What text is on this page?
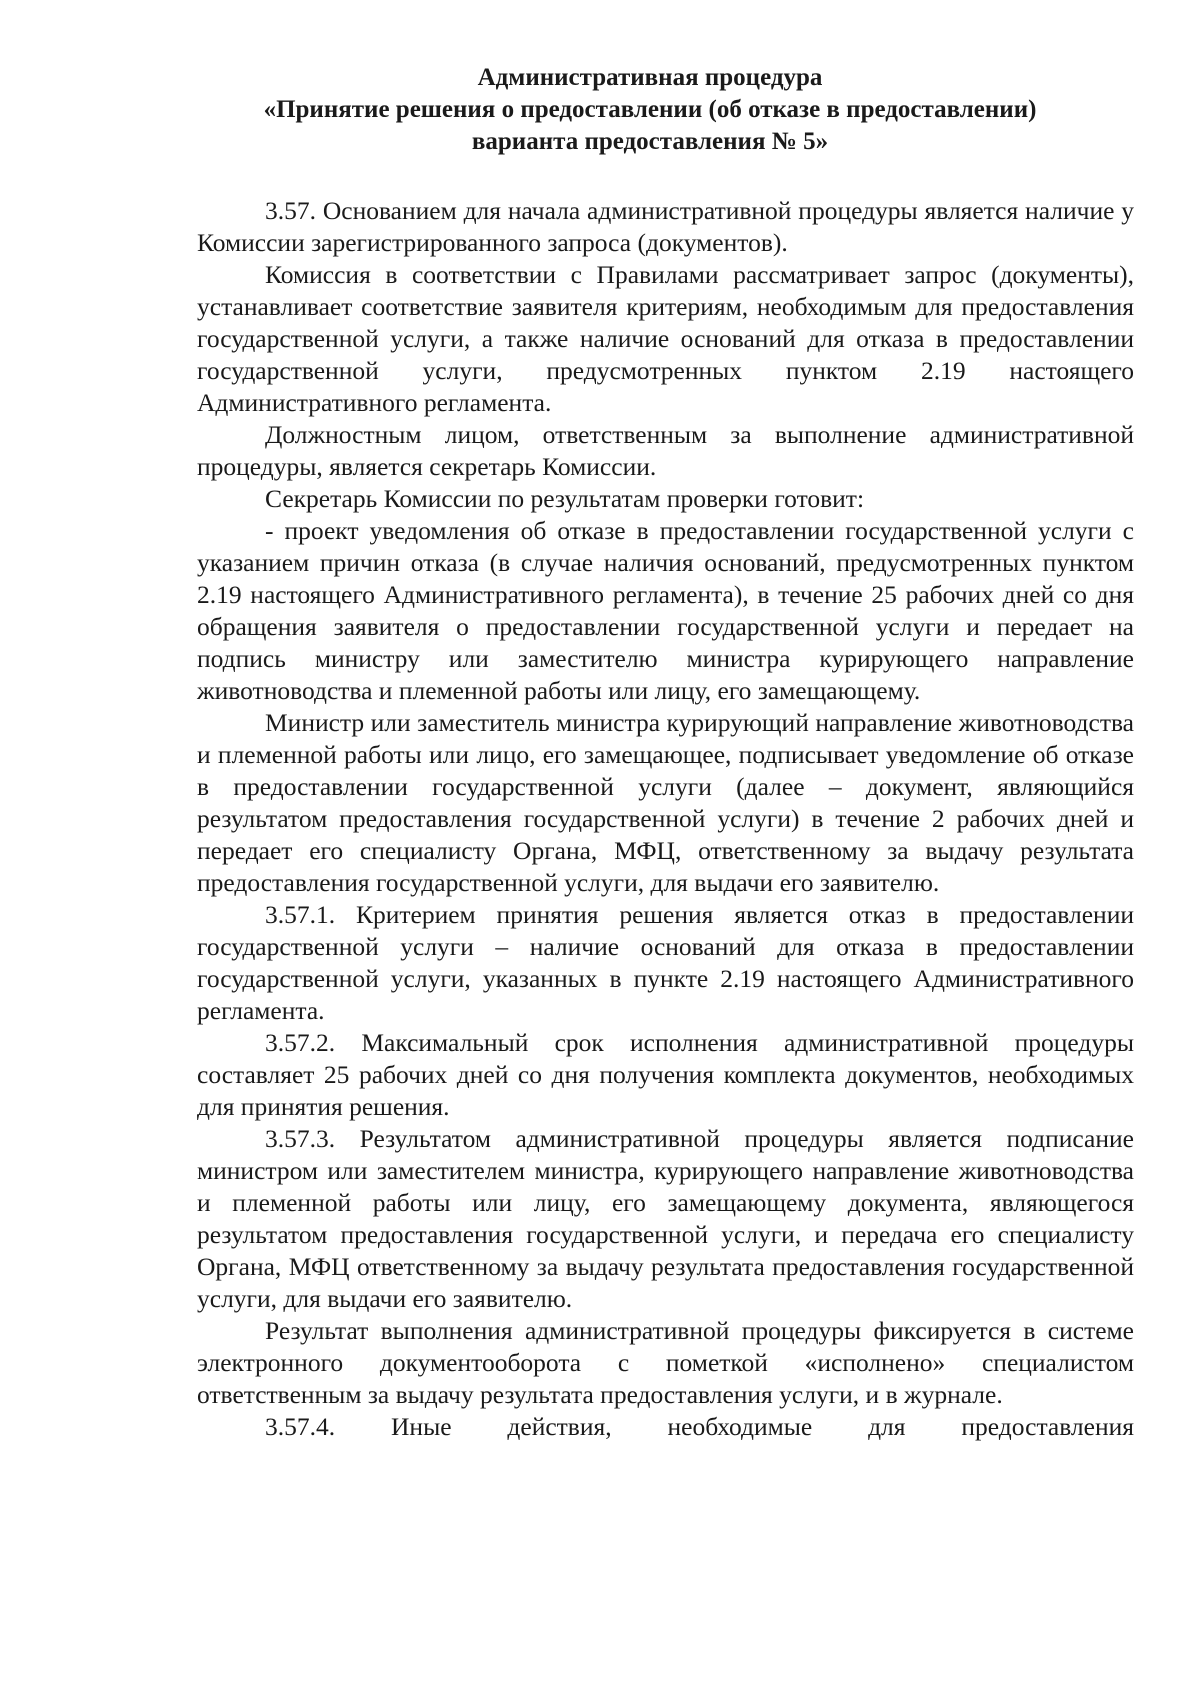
Административная процедура
«Принятие решения о предоставлении (об отказе в предоставлении)
варианта предоставления № 5»

3.57. Основанием для начала административной процедуры является наличие у Комиссии зарегистрированного запроса (документов).

Комиссия в соответствии с Правилами рассматривает запрос (документы), устанавливает соответствие заявителя критериям, необходимым для предоставления государственной услуги, а также наличие оснований для отказа в предоставлении государственной услуги, предусмотренных пунктом 2.19 настоящего Административного регламента.

Должностным лицом, ответственным за выполнение административной процедуры, является секретарь Комиссии.

Секретарь Комиссии по результатам проверки готовит:

- проект уведомления об отказе в предоставлении государственной услуги с указанием причин отказа (в случае наличия оснований, предусмотренных пунктом 2.19 настоящего Административного регламента), в течение 25 рабочих дней со дня обращения заявителя о предоставлении государственной услуги и передает на подпись министру или заместителю министра курирующего направление животноводства и племенной работы или лицу, его замещающему.

Министр или заместитель министра курирующий направление животноводства и племенной работы или лицо, его замещающее, подписывает уведомление об отказе в предоставлении государственной услуги (далее – документ, являющийся результатом предоставления государственной услуги) в течение 2 рабочих дней и передает его специалисту Органа, МФЦ, ответственному за выдачу результата предоставления государственной услуги, для выдачи его заявителю.

3.57.1. Критерием принятия решения является отказ в предоставлении государственной услуги – наличие оснований для отказа в предоставлении государственной услуги, указанных в пункте 2.19 настоящего Административного регламента.

3.57.2. Максимальный срок исполнения административной процедуры составляет 25 рабочих дней со дня получения комплекта документов, необходимых для принятия решения.

3.57.3. Результатом административной процедуры является подписание министром или заместителем министра, курирующего направление животноводства и племенной работы или лицу, его замещающему документа, являющегося результатом предоставления государственной услуги, и передача его специалисту Органа, МФЦ ответственному за выдачу результата предоставления государственной услуги, для выдачи его заявителю.

Результат выполнения административной процедуры фиксируется в системе электронного документооборота с пометкой «исполнено» специалистом ответственным за выдачу результата предоставления услуги, и в журнале.

3.57.4. Иные действия, необходимые для предоставления
